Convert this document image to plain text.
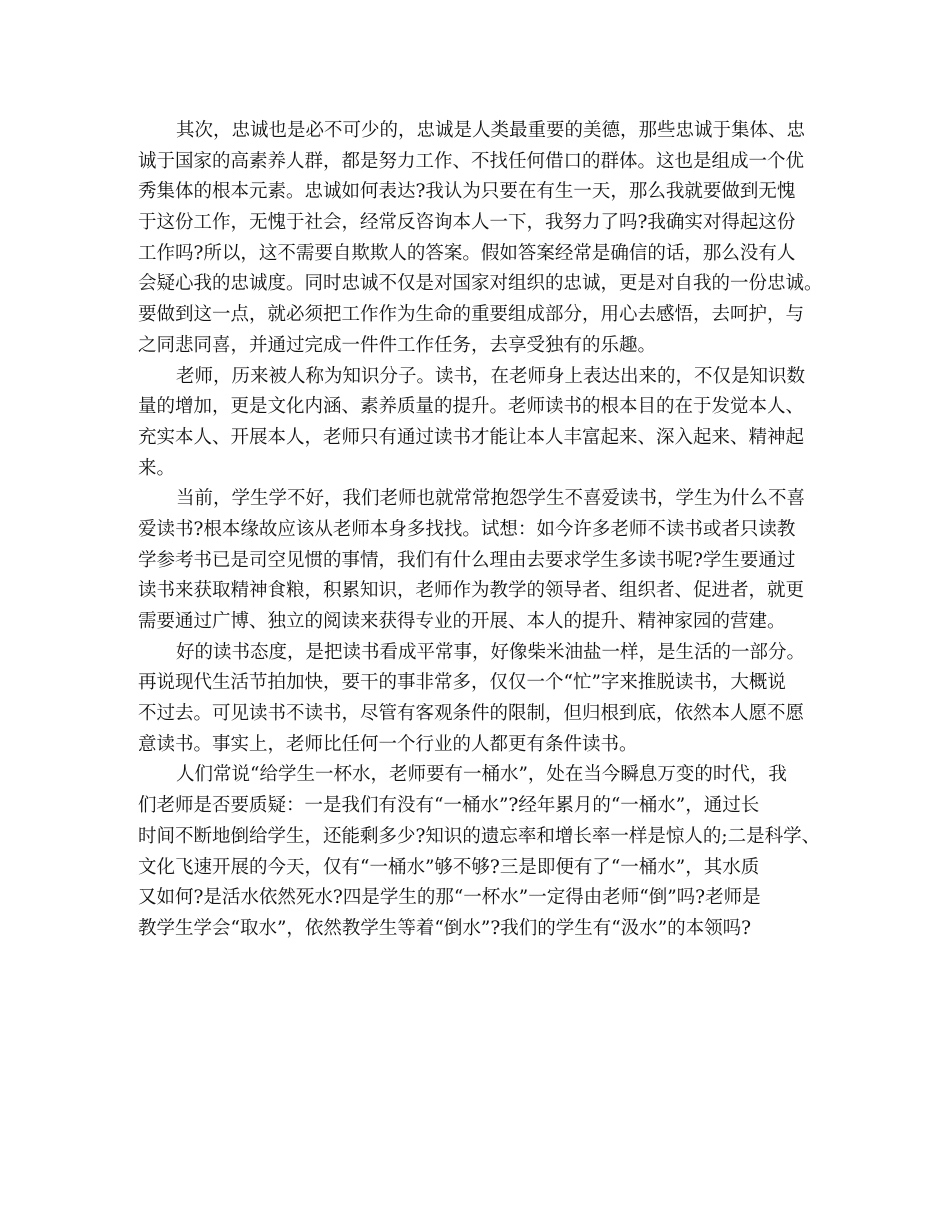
其次，忠诚也是必不可少的，忠诚是人类最重要的美德，那些忠诚于集体、忠
诚于国家的高素养人群，都是努力工作、不找任何借口的群体。这也是组成一个优
秀集体的根本元素。忠诚如何表达?我认为只要在有生一天，那么我就要做到无愧
于这份工作，无愧于社会，经常反咨询本人一下，我努力了吗?我确实对得起这份
工作吗?所以，这不需要自欺欺人的答案。假如答案经常是确信的话，那么没有人
会疑心我的忠诚度。同时忠诚不仅是对国家对组织的忠诚，更是对自我的一份忠诚。
要做到这一点，就必须把工作作为生命的重要组成部分，用心去感悟，去呵护，与
之同悲同喜，并通过完成一件件工作任务，去享受独有的乐趣。
老师，历来被人称为知识分子。读书，在老师身上表达出来的，不仅是知识数
量的增加，更是文化内涵、素养质量的提升。老师读书的根本目的在于发觉本人、
充实本人、开展本人，老师只有通过读书才能让本人丰富起来、深入起来、精神起
来。
当前，学生学不好，我们老师也就常常抱怨学生不喜爱读书，学生为什么不喜
爱读书?根本缘故应该从老师本身多找找。试想：如今许多老师不读书或者只读教
学参考书已是司空见惯的事情，我们有什么理由去要求学生多读书呢?学生要通过
读书来获取精神食粮，积累知识，老师作为教学的领导者、组织者、促进者，就更
需要通过广博、独立的阅读来获得专业的开展、本人的提升、精神家园的营建。
好的读书态度，是把读书看成平常事，好像柴米油盐一样，是生活的一部分。
再说现代生活节拍加快，要干的事非常多，仅仅一个“忙”字来推脱读书，大概说
不过去。可见读书不读书，尽管有客观条件的限制，但归根到底，依然本人愿不愿
意读书。事实上，老师比任何一个行业的人都更有条件读书。
人们常说“给学生一杯水，老师要有一桶水”，处在当今瞬息万变的时代，我
们老师是否要质疑：一是我们有没有“一桶水”?经年累月的“一桶水”，通过长
时间不断地倒给学生，还能剩多少?知识的遗忘率和增长率一样是惊人的;二是科学、
文化飞速开展的今天，仅有“一桶水”够不够?三是即便有了“一桶水”，其水质
又如何?是活水依然死水?四是学生的那“一杯水”一定得由老师“倒”吗?老师是
教学生学会“取水”，依然教学生等着“倒水”?我们的学生有“汲水”的本领吗?
